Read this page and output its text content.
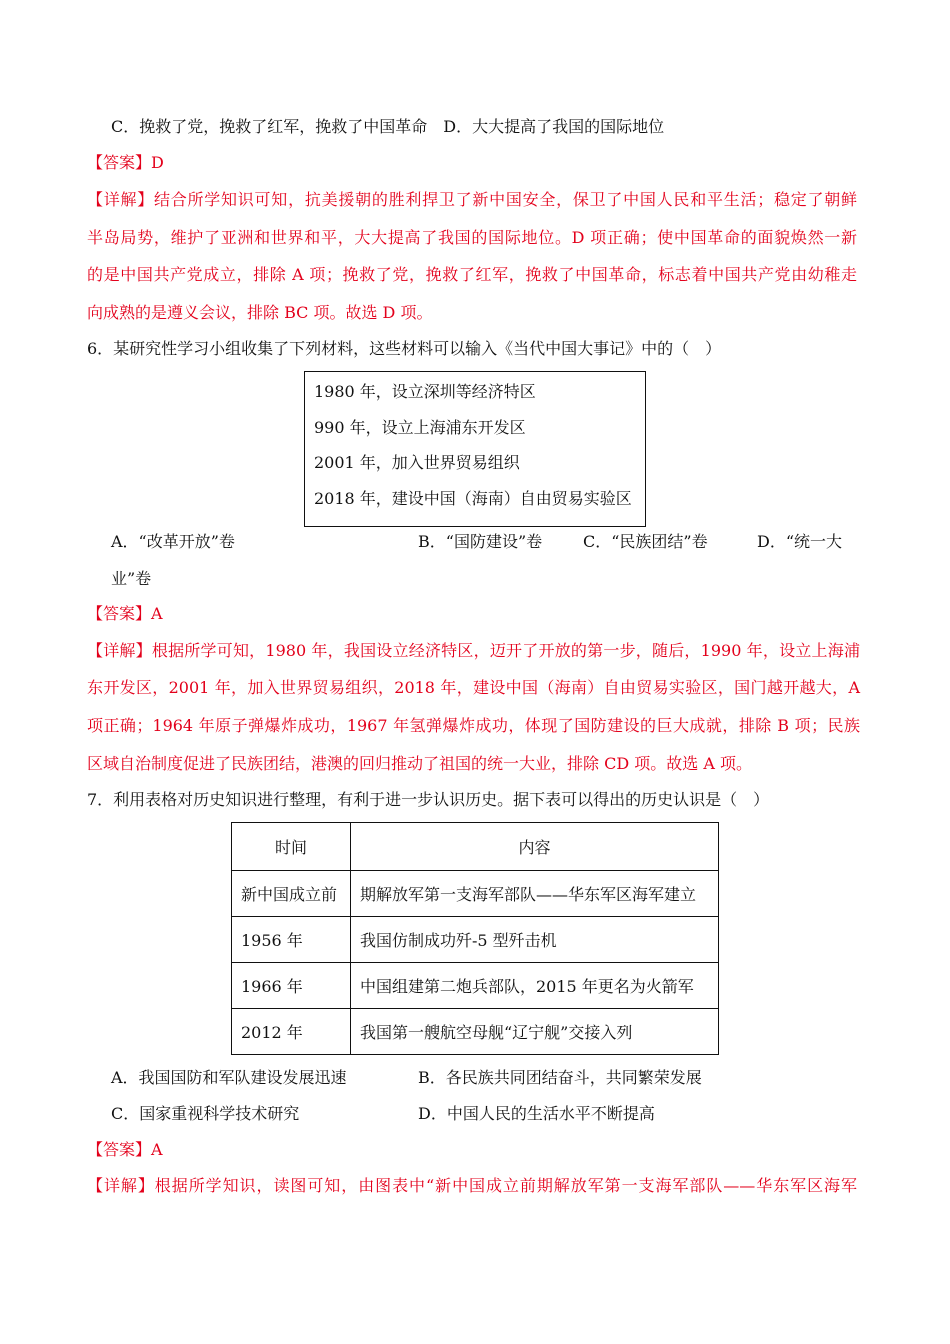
C．挽救了党，挽救了红军，挽救了中国革命　D．大大提高了我国的国际地位
【答案】D
【详解】结合所学知识可知，抗美援朝的胜利捍卫了新中国安全，保卫了中国人民和平生活；稳定了朝鲜
半岛局势，维护了亚洲和世界和平，大大提高了我国的国际地位。D 项正确；使中国革命的面貌焕然一新
的是中国共产党成立，排除 A 项；挽救了党，挽救了红军，挽救了中国革命，标志着中国共产党由幼稚走
向成熟的是遵义会议，排除 BC 项。故选 D 项。
6．某研究性学习小组收集了下列材料，这些材料可以输入《当代中国大事记》中的（　）
1980 年，设立深圳等经济特区
990 年，设立上海浦东开发区
2001 年，加入世界贸易组织
2018 年，建设中国（海南）自由贸易实验区
A．“改革开放”卷	B．“国防建设”卷	C．“民族团结”卷	D．“统一大
业”卷
【答案】A
【详解】根据所学可知，1980 年，我国设立经济特区，迈开了开放的第一步，随后，1990 年，设立上海浦
东开发区，2001 年，加入世界贸易组织，2018 年，建设中国（海南）自由贸易实验区，国门越开越大，A
项正确；1964 年原子弹爆炸成功，1967 年氢弹爆炸成功，体现了国防建设的巨大成就，排除 B 项；民族
区域自治制度促进了民族团结，港澳的回归推动了祖国的统一大业，排除 CD 项。故选 A 项。
7．利用表格对历史知识进行整理，有利于进一步认识历史。据下表可以得出的历史认识是（　）
时间	内容
新中国成立前	期解放军第一支海军部队——华东军区海军建立
1956 年	我国仿制成功歼-5 型歼击机
1966 年	中国组建第二炮兵部队，2015 年更名为火箭军
2012 年	我国第一艘航空母舰“辽宁舰”交接入列
A．我国国防和军队建设发展迅速	B．各民族共同团结奋斗，共同繁荣发展
C．国家重视科学技术研究	D．中国人民的生活水平不断提高
【答案】A
【详解】根据所学知识，读图可知，由图表中“新中国成立前期解放军第一支海军部队——华东军区海军
